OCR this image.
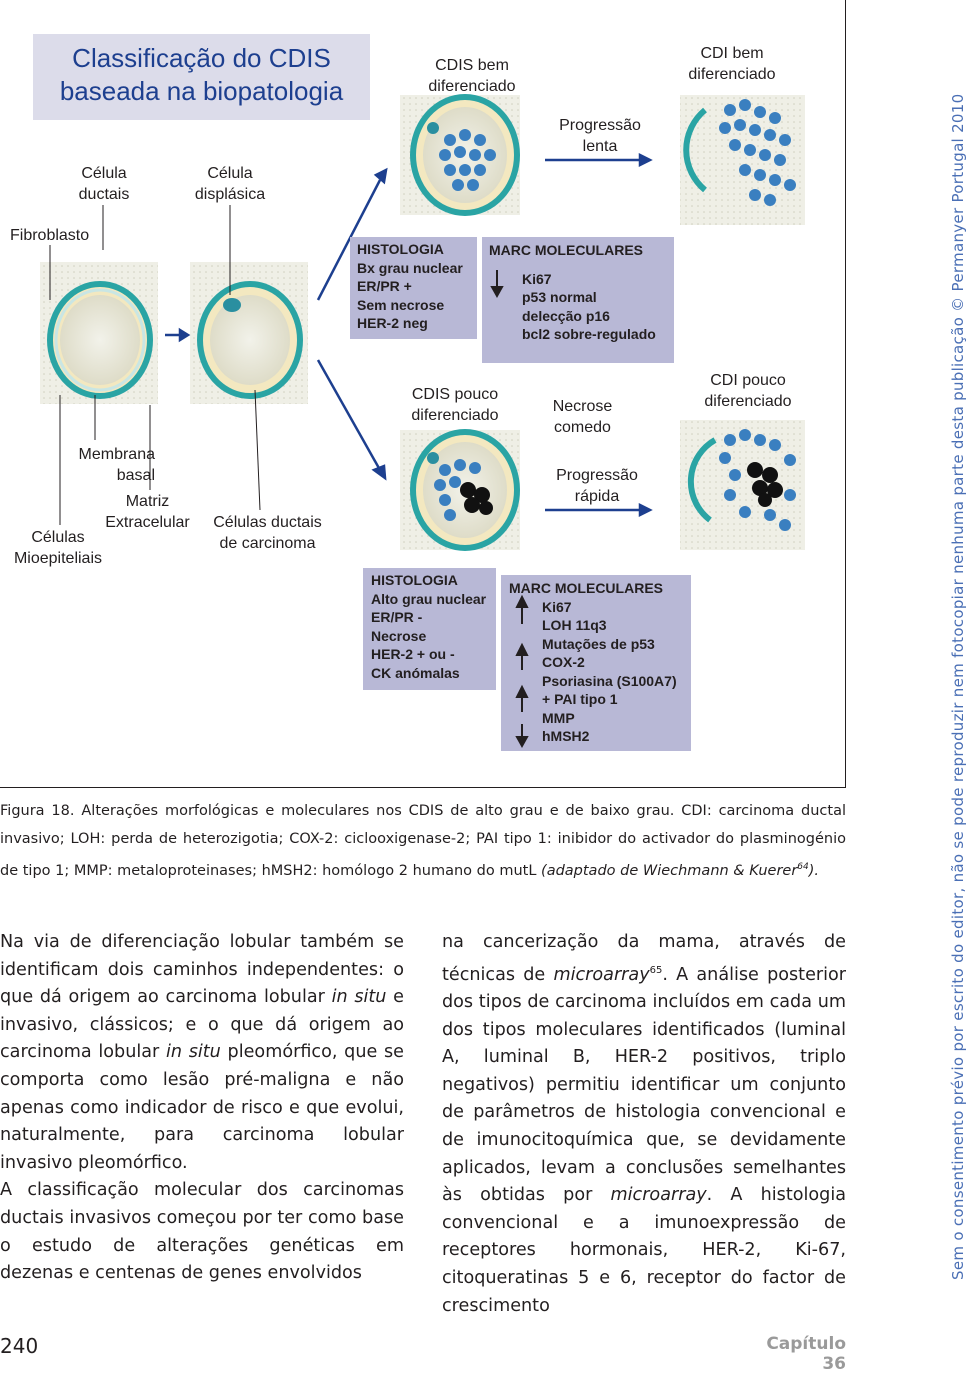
Classificação do CDIS
baseada na biopatologia
Célula
ductais
Célula
displásica
Fibroblasto
Membrana
basal
Matriz
Extracelular
Células
Mioepiteliais
Células ductais
de carcinoma
CDIS bem
diferenciado
CDIS pouco
diferenciado
Progressão
lenta
Necrose
comedo
Progressão
rápida
CDI bem
diferenciado
CDI pouco
diferenciado
HISTOLOGIA
Bx grau nuclear
ER/PR +
Sem necrose
HER-2 neg
MARC MOLECULARES
Ki67
p53 normal
delecção p16
bcl2 sobre-regulado
HISTOLOGIA
Alto grau nuclear
ER/PR -
Necrose
HER-2 + ou -
CK anómalas
MARC MOLECULARES
Ki67
LOH 11q3
Mutações de p53
COX-2
Psoriasina (S100A7)
+ PAI tipo 1
MMP
hMSH2
Figura 18. Alterações morfológicas e moleculares nos CDIS de alto grau e de baixo grau. CDI: carcinoma ductal invasivo; LOH: perda de heterozigotia; COX-2: ciclooxigenase-2; PAI tipo 1: inibidor do activador do plasminogénio de tipo 1; MMP: metaloproteinases; hMSH2: homólogo 2 humano do mutL (adaptado de Wiechmann & Kuerer$^{64}$).

Na via de diferenciação lobular também se identificam dois caminhos independentes: o que dá origem ao carcinoma lobular in situ e invasivo, clássicos; e o que dá origem ao carcinoma lobular in situ pleomórfico, que se comporta como lesão pré-maligna e não apenas como indicador de risco e que evolui, naturalmente, para carcinoma lobular invasivo pleomórfico.

A classificação molecular dos carcinomas ductais invasivos começou por ter como base o estudo de alterações genéticas em dezenas e centenas de genes envolvidos

na cancerização da mama, através de técnicas de microarray$^{65}$. A análise posterior dos tipos de carcinoma incluídos em cada um dos tipos moleculares identificados (luminal A, luminal B, HER-2 positivos, triplo negativos) permitiu identificar um conjunto de parâmetros de histologia convencional e de imunocitoquímica que, se devidamente aplicados, levam a conclusões semelhantes às obtidas por microarray. A histologia convencional e a imunoexpressão de receptores hormonais, HER-2, Ki-67, citoqueratinas 5 e 6, receptor do factor de crescimento

Sem o consentimento prévio por escrito do editor, não se pode reproduzir nem fotocopiar nenhuma parte desta publicação © Permanyer Portugal 2010
240	Capítulo 36
